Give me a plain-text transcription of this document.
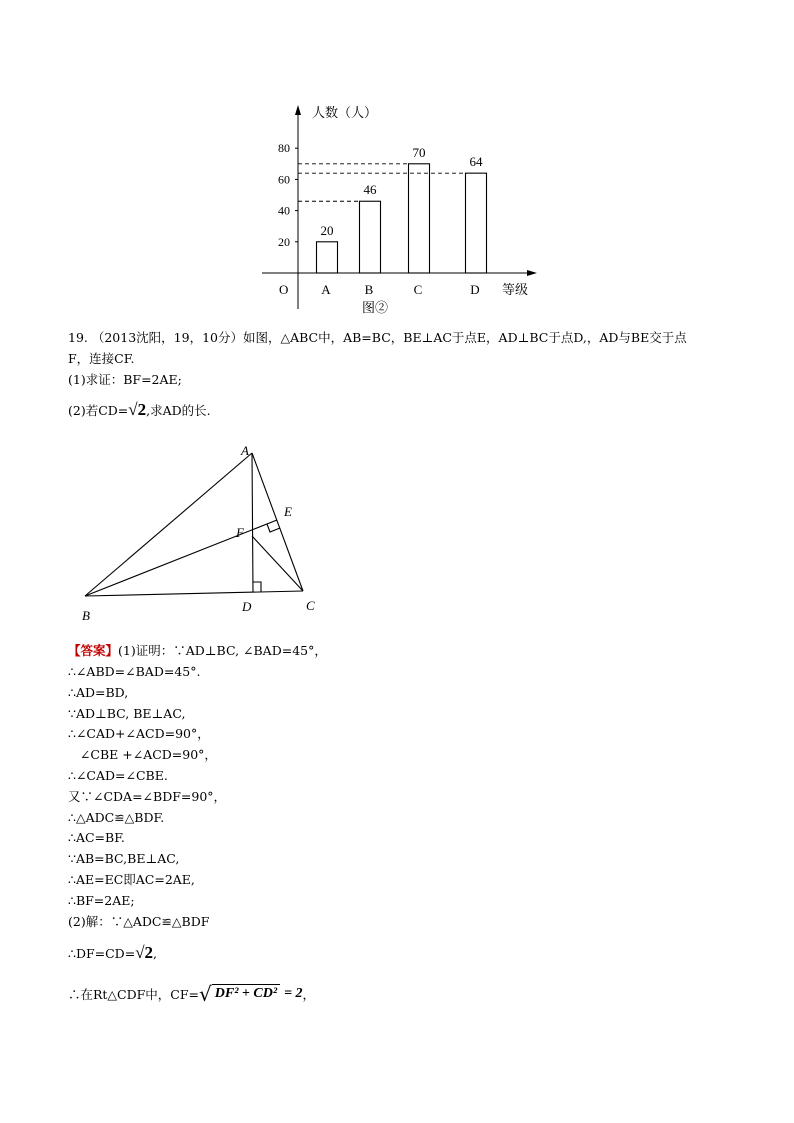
20
40
60
80
20
A
46
B
70
C
64
D
人数（人）
等级
O
图②
19. （2013沈阳，19，10分）如图，△ABC中，AB=BC，BE⊥AC于点E，AD⊥BC于点D,，AD与BE交于点
F，连接CF.
(1)求证：BF=2AE;
(2)若CD=√2,求AD的长.
A
B
C
D
E
F
【答案】(1)证明：∵AD⊥BC, ∠BAD=45°，
∴∠ABD=∠BAD=45°.
∴AD=BD,
∵AD⊥BC, BE⊥AC,
∴∠CAD+∠ACD=90°，
∠CBE +∠ACD=90°，
∴∠CAD=∠CBE.
又∵∠CDA=∠BDF=90°，
∴△ADC≌△BDF.
∴AC=BF.
∵AB=BC,BE⊥AC,
∴AE=EC即AC=2AE,
∴BF=2AE;
(2)解：∵△ADC≌△BDF
∴DF=CD=√2,
∴在Rt△CDF中，CF= √ DF² + CD² = 2 ，
